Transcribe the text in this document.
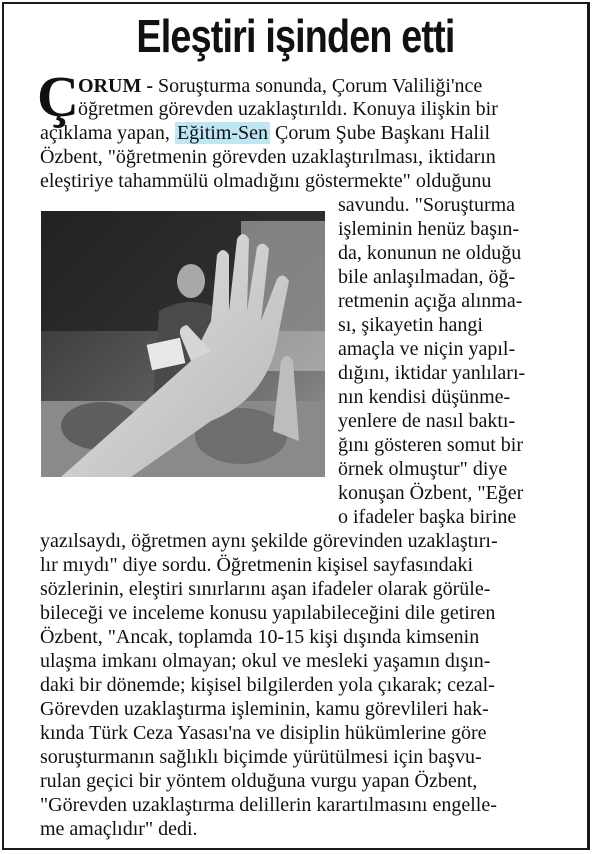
Eleştiri işinden etti
Ç ORUM - Soruşturma sonunda, Çorum Valiliği'nce
öğretmen görevden uzaklaştırıldı. Konuya ilişkin bir
açıklama yapan, Eğitim-Sen Çorum Şube Başkanı Halil
Özbent, "öğretmenin görevden uzaklaştırılması, iktidarın
eleştiriye tahammülü olmadığını göstermekte" olduğunu
savundu. "Soruşturma
işleminin henüz başın-
da, konunun ne olduğu
bile anlaşılmadan, öğ-
retmenin açığa alınma-
sı, şikayetin hangi
amaçla ve niçin yapıl-
dığını, iktidar yanlıları-
nın kendisi düşünme-
yenlere de nasıl baktı-
ğını gösteren somut bir
örnek olmuştur" diye
konuşan Özbent, "Eğer
o ifadeler başka birine
yazılsaydı, öğretmen aynı şekilde görevinden uzaklaştırı-
lır mıydı" diye sordu. Öğretmenin kişisel sayfasındaki
sözlerinin, eleştiri sınırlarını aşan ifadeler olarak görüle-
bileceği ve inceleme konusu yapılabileceğini dile getiren
Özbent, "Ancak, toplamda 10-15 kişi dışında kimsenin
ulaşma imkanı olmayan; okul ve mesleki yaşamın dışın-
daki bir dönemde; kişisel bilgilerden yola çıkarak; cezal-
Görevden uzaklaştırma işleminin, kamu görevlileri hak-
kında Türk Ceza Yasası'na ve disiplin hükümlerine göre
soruşturmanın sağlıklı biçimde yürütülmesi için başvu-
rulan geçici bir yöntem olduğuna vurgu yapan Özbent,
"Görevden uzaklaştırma delillerin karartılmasını engelle-
me amaçlıdır" dedi.
